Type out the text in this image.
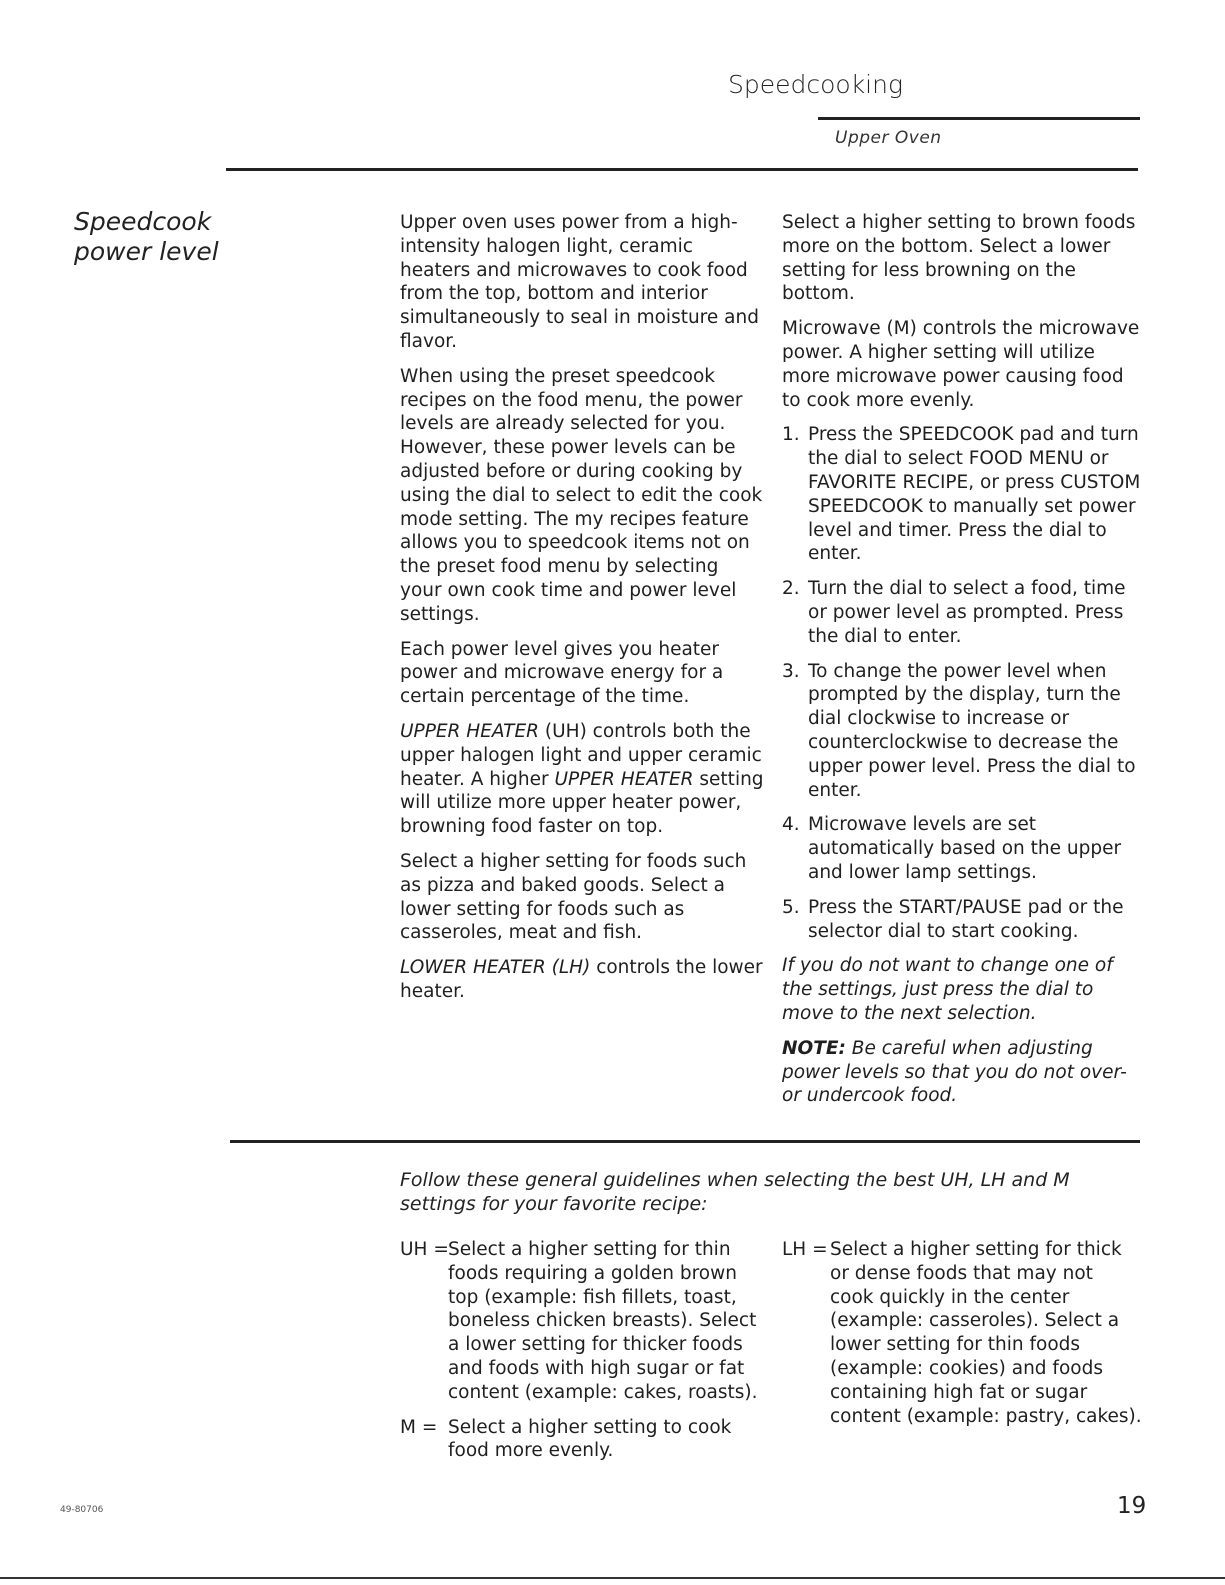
Speedcooking
Upper Oven
Speedcook
power level

Upper oven uses power from a high-intensity halogen light, ceramic heaters and microwaves to cook food from the top, bottom and interior simultaneously to seal in moisture and flavor.

When using the preset speedcook recipes on the food menu, the power levels are already selected for you. However, these power levels can be adjusted before or during cooking by using the dial to select to edit the cook mode setting. The my recipes feature allows you to speedcook items not on the preset food menu by selecting your own cook time and power level settings.

Each power level gives you heater power and microwave energy for a certain percentage of the time.

UPPER HEATER (UH) controls both the upper halogen light and upper ceramic heater. A higher UPPER HEATER setting will utilize more upper heater power, browning food faster on top.

Select a higher setting for foods such as pizza and baked goods. Select a lower setting for foods such as casseroles, meat and fish.

LOWER HEATER (LH) controls the lower heater.

Select a higher setting to brown foods more on the bottom. Select a lower setting for less browning on the bottom.

Microwave (M) controls the microwave power. A higher setting will utilize more microwave power causing food to cook more evenly.

1. Press the SPEEDCOOK pad and turn the dial to select FOOD MENU or FAVORITE RECIPE, or press CUSTOM SPEEDCOOK to manually set power level and timer. Press the dial to enter.
2. Turn the dial to select a food, time or power level as prompted. Press the dial to enter.
3. To change the power level when prompted by the display, turn the dial clockwise to increase or counterclockwise to decrease the upper power level. Press the dial to enter.
4. Microwave levels are set automatically based on the upper and lower lamp settings.
5. Press the START/PAUSE pad or the selector dial to start cooking.

If you do not want to change one of the settings, just press the dial to move to the next selection.

NOTE: Be careful when adjusting power levels so that you do not over- or undercook food.

Follow these general guidelines when selecting the best UH, LH and M settings for your favorite recipe:
UH = Select a higher setting for thin foods requiring a golden brown top (example: fish fillets, toast, boneless chicken breasts). Select a lower setting for thicker foods and foods with high sugar or fat content (example: cakes, roasts).
M = Select a higher setting to cook food more evenly.
LH = Select a higher setting for thick or dense foods that may not cook quickly in the center (example: casseroles). Select a lower setting for thin foods (example: cookies) and foods containing high fat or sugar content (example: pastry, cakes).
49-80706	19
